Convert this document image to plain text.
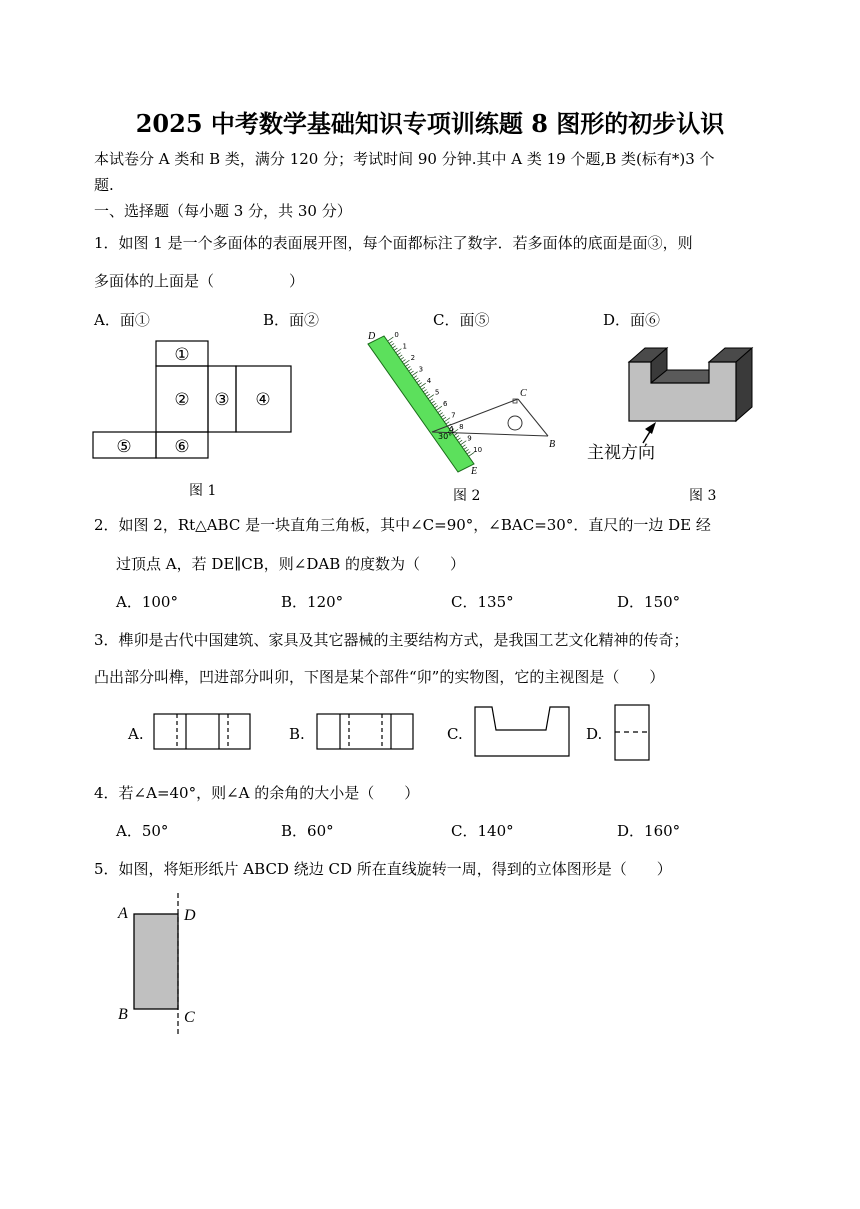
2025 中考数学基础知识专项训练题 8 图形的初步认识
本试卷分 A 类和 B 类，满分 120 分；考试时间 90 分钟.其中 A 类 19 个题,B 类(标有*)3 个
题.
一、选择题（每小题 3 分，共 30 分）
1．如图 1 是一个多面体的表面展开图，每个面都标注了数字．若多面体的底面是面③，则
多面体的上面是（　　　　　）
A．面①	B．面②	C．面⑤	D．面⑥
①
② ③ ④
⑤	⑥
图 1
0
1
2
3
4
5
6
7
8
9
10
D
A
E
C
B
30°
图 2
主视方向
图 3
2．如图 2，Rt△ABC 是一块直角三角板，其中∠C=90°，∠BAC=30°．直尺的一边 DE 经
过顶点 A，若 DE∥CB，则∠DAB 的度数为（　　）
A．100°	B．120°	C．135°	D．150°
3．榫卯是古代中国建筑、家具及其它器械的主要结构方式，是我国工艺文化精神的传奇；
凸出部分叫榫，凹进部分叫卯，下图是某个部件“卯”的实物图，它的主视图是（　　）
A.	B.	C.	D.
4．若∠A=40°，则∠A 的余角的大小是（　　）
A．50°	B．60°	C．140°	D．160°
5．如图，将矩形纸片 ABCD 绕边 CD 所在直线旋转一周，得到的立体图形是（　　）
A	D
B	C
